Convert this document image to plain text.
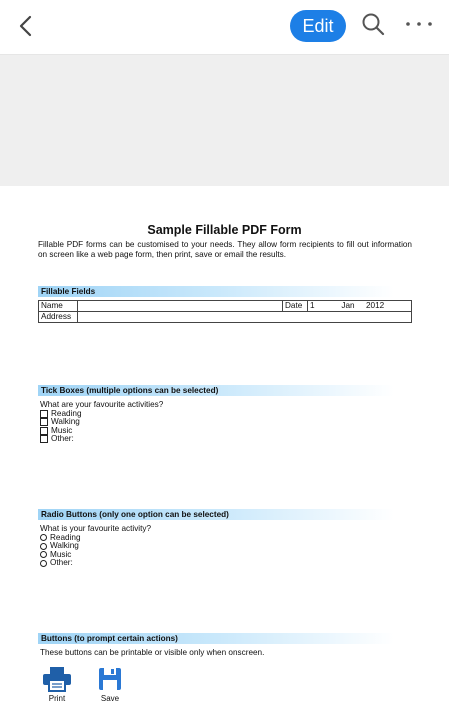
Edit
Sample Fillable PDF Form
Fillable PDF forms can be customised to your needs. They allow form recipients to fill out information on screen like a web page form, then print, save or email the results.
Fillable Fields
Name		Date	1	Jan	2012
Address					
Tick Boxes (multiple options can be selected)
What are your favourite activities?
Reading
Walking
Music
Other:
Radio Buttons (only one option can be selected)
What is your favourite activity?
Reading
Walking
Music
Other:
Buttons (to prompt certain actions)
These buttons can be printable or visible only when onscreen.
Print	Save
